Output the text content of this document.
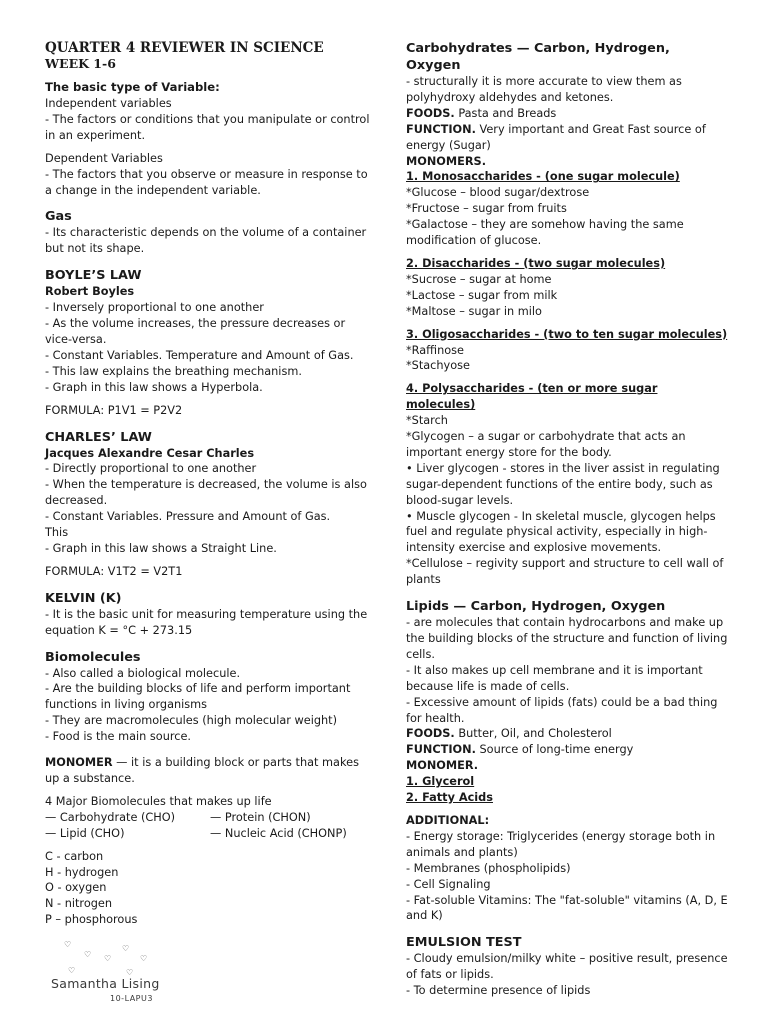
QUARTER 4 REVIEWER IN SCIENCE

WEEK 1-6

The basic type of Variable:

Independent variables

- The factors or conditions that you manipulate or control in an experiment.

Dependent Variables

- The factors that you observe or measure in response to a change in the independent variable.

Gas

- Its characteristic depends on the volume of a container but not its shape.

BOYLE’S LAW

Robert Boyles

- Inversely proportional to one another

- As the volume increases, the pressure decreases or vice-versa.

- Constant Variables. Temperature and Amount of Gas.

- This law explains the breathing mechanism.

- Graph in this law shows a Hyperbola.

FORMULA: P1V1 = P2V2

CHARLES’ LAW

Jacques Alexandre Cesar Charles

- Directly proportional to one another

- When the temperature is decreased, the volume is also decreased.

- Constant Variables. Pressure and Amount of Gas.

This

- Graph in this law shows a Straight Line.

FORMULA: V1T2 = V2T1

KELVIN (K)

- It is the basic unit for measuring temperature using the equation K = °C + 273.15

Biomolecules

- Also called a biological molecule.

- Are the building blocks of life and perform important functions in living organisms

- They are macromolecules (high molecular weight)

- Food is the main source.

MONOMER — it is a building block or parts that makes up a substance.

4 Major Biomolecules that makes up life

— Carbohydrate (CHO)	— Protein (CHON)
— Lipid (CHO)	— Nucleic Acid (CHONP)

C - carbon

H - hydrogen

O - oxygen

N - nitrogen

P – phosphorous

♡
♡ ♡
♡
♡
♡	♡
Samantha Lising
10-LAPU3

Carbohydrates — Carbon, Hydrogen, Oxygen

- structurally it is more accurate to view them as polyhydroxy aldehydes and ketones.

FOODS. Pasta and Breads

FUNCTION. Very important and Great Fast source of energy (Sugar)

MONOMERS.

1. Monosaccharides - (one sugar molecule)

*Glucose – blood sugar/dextrose

*Fructose – sugar from fruits

*Galactose – they are somehow having the same modification of glucose.

2. Disaccharides - (two sugar molecules)

*Sucrose – sugar at home

*Lactose – sugar from milk

*Maltose – sugar in milo

3. Oligosaccharides - (two to ten sugar molecules)

*Raffinose

*Stachyose

4. Polysaccharides - (ten or more sugar molecules)

*Starch

*Glycogen – a sugar or carbohydrate that acts an important energy store for the body.

• Liver glycogen - stores in the liver assist in regulating sugar-dependent functions of the entire body, such as blood-sugar levels.

• Muscle glycogen - In skeletal muscle, glycogen helps fuel and regulate physical activity, especially in high-intensity exercise and explosive movements.

*Cellulose – regivity support and structure to cell wall of plants

Lipids — Carbon, Hydrogen, Oxygen

- are molecules that contain hydrocarbons and make up the building blocks of the structure and function of living cells.

- It also makes up cell membrane and it is important because life is made of cells.

- Excessive amount of lipids (fats) could be a bad thing for health.

FOODS. Butter, Oil, and Cholesterol

FUNCTION. Source of long-time energy

MONOMER.

1. Glycerol

2. Fatty Acids

ADDITIONAL:

- Energy storage: Triglycerides (energy storage both in animals and plants)

- Membranes (phospholipids)

- Cell Signaling

- Fat-soluble Vitamins: The "fat-soluble" vitamins (A, D, E and K)

EMULSION TEST

- Cloudy emulsion/milky white – positive result, presence of fats or lipids.

- To determine presence of lipids
